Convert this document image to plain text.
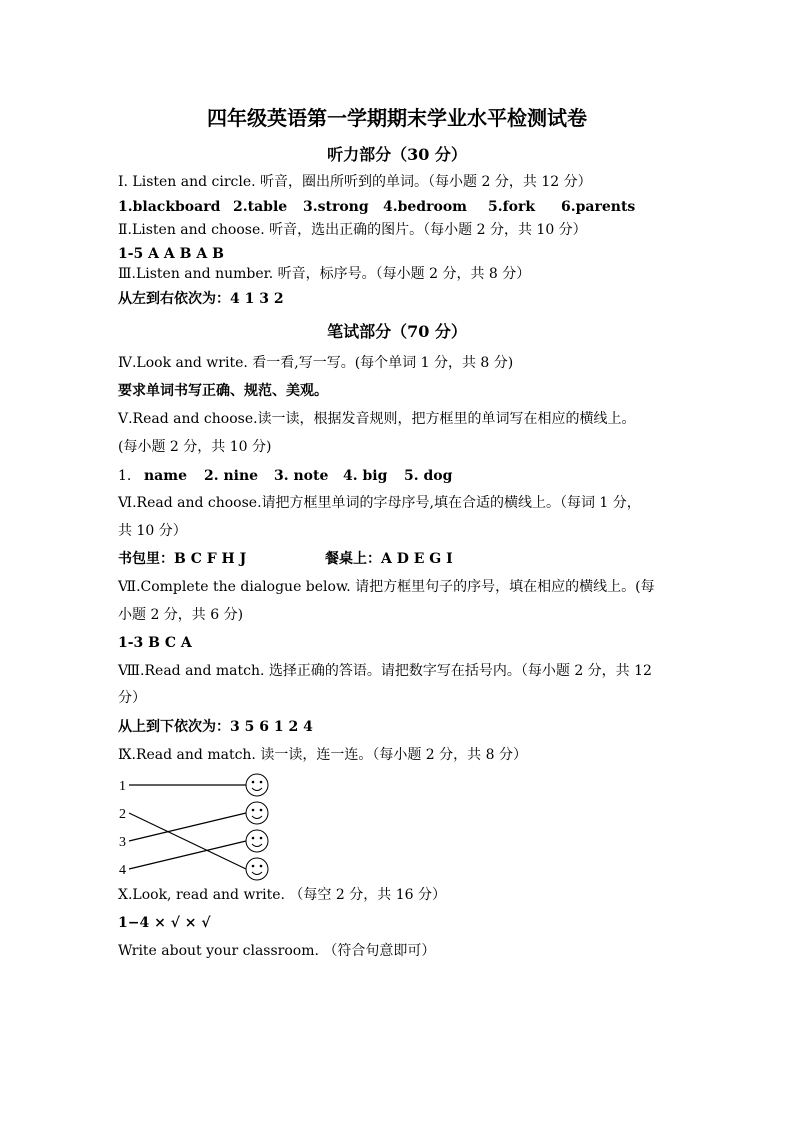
四年级英语第一学期期末学业水平检测试卷
听力部分（30 分）
Ⅰ. Listen and circle. 听音，圈出所听到的单词。（每小题 2 分，共 12 分）
1.blackboard 2.table 3.strong 4.bedroom 5.fork 6.parents
Ⅱ.Listen and choose. 听音，选出正确的图片。（每小题 2 分，共 10 分）
1-5 A A B A B
Ⅲ.Listen and number. 听音，标序号。（每小题 2 分，共 8 分）
从左到右依次为：4 1 3 2
笔试部分（70 分）
Ⅳ.Look and write. 看一看,写一写。(每个单词 1 分，共 8 分)
要求单词书写正确、规范、美观。
Ⅴ.Read and choose.读一读，根据发音规则，把方框里的单词写在相应的横线上。
(每小题 2 分，共 10 分)
1. name 2. nine 3. note 4. big 5. dog
Ⅵ.Read and choose.请把方框里单词的字母序号,填在合适的横线上。（每词 1 分，
共 10 分）
书包里：B C F H J	餐桌上：A D E G I
Ⅶ.Complete the dialogue below. 请把方框里句子的序号，填在相应的横线上。(每
小题 2 分，共 6 分)
1-3 B C A
Ⅷ.Read and match. 选择正确的答语。请把数字写在括号内。（每小题 2 分，共 12
分）
从上到下依次为：3 5 6 1 2 4
Ⅸ.Read and match. 读一读，连一连。（每小题 2 分，共 8 分）
1
2
3
4
Ⅹ.Look, read and write. （每空 2 分，共 16 分）
1−4 × √ × √
Write about your classroom. （符合句意即可）
